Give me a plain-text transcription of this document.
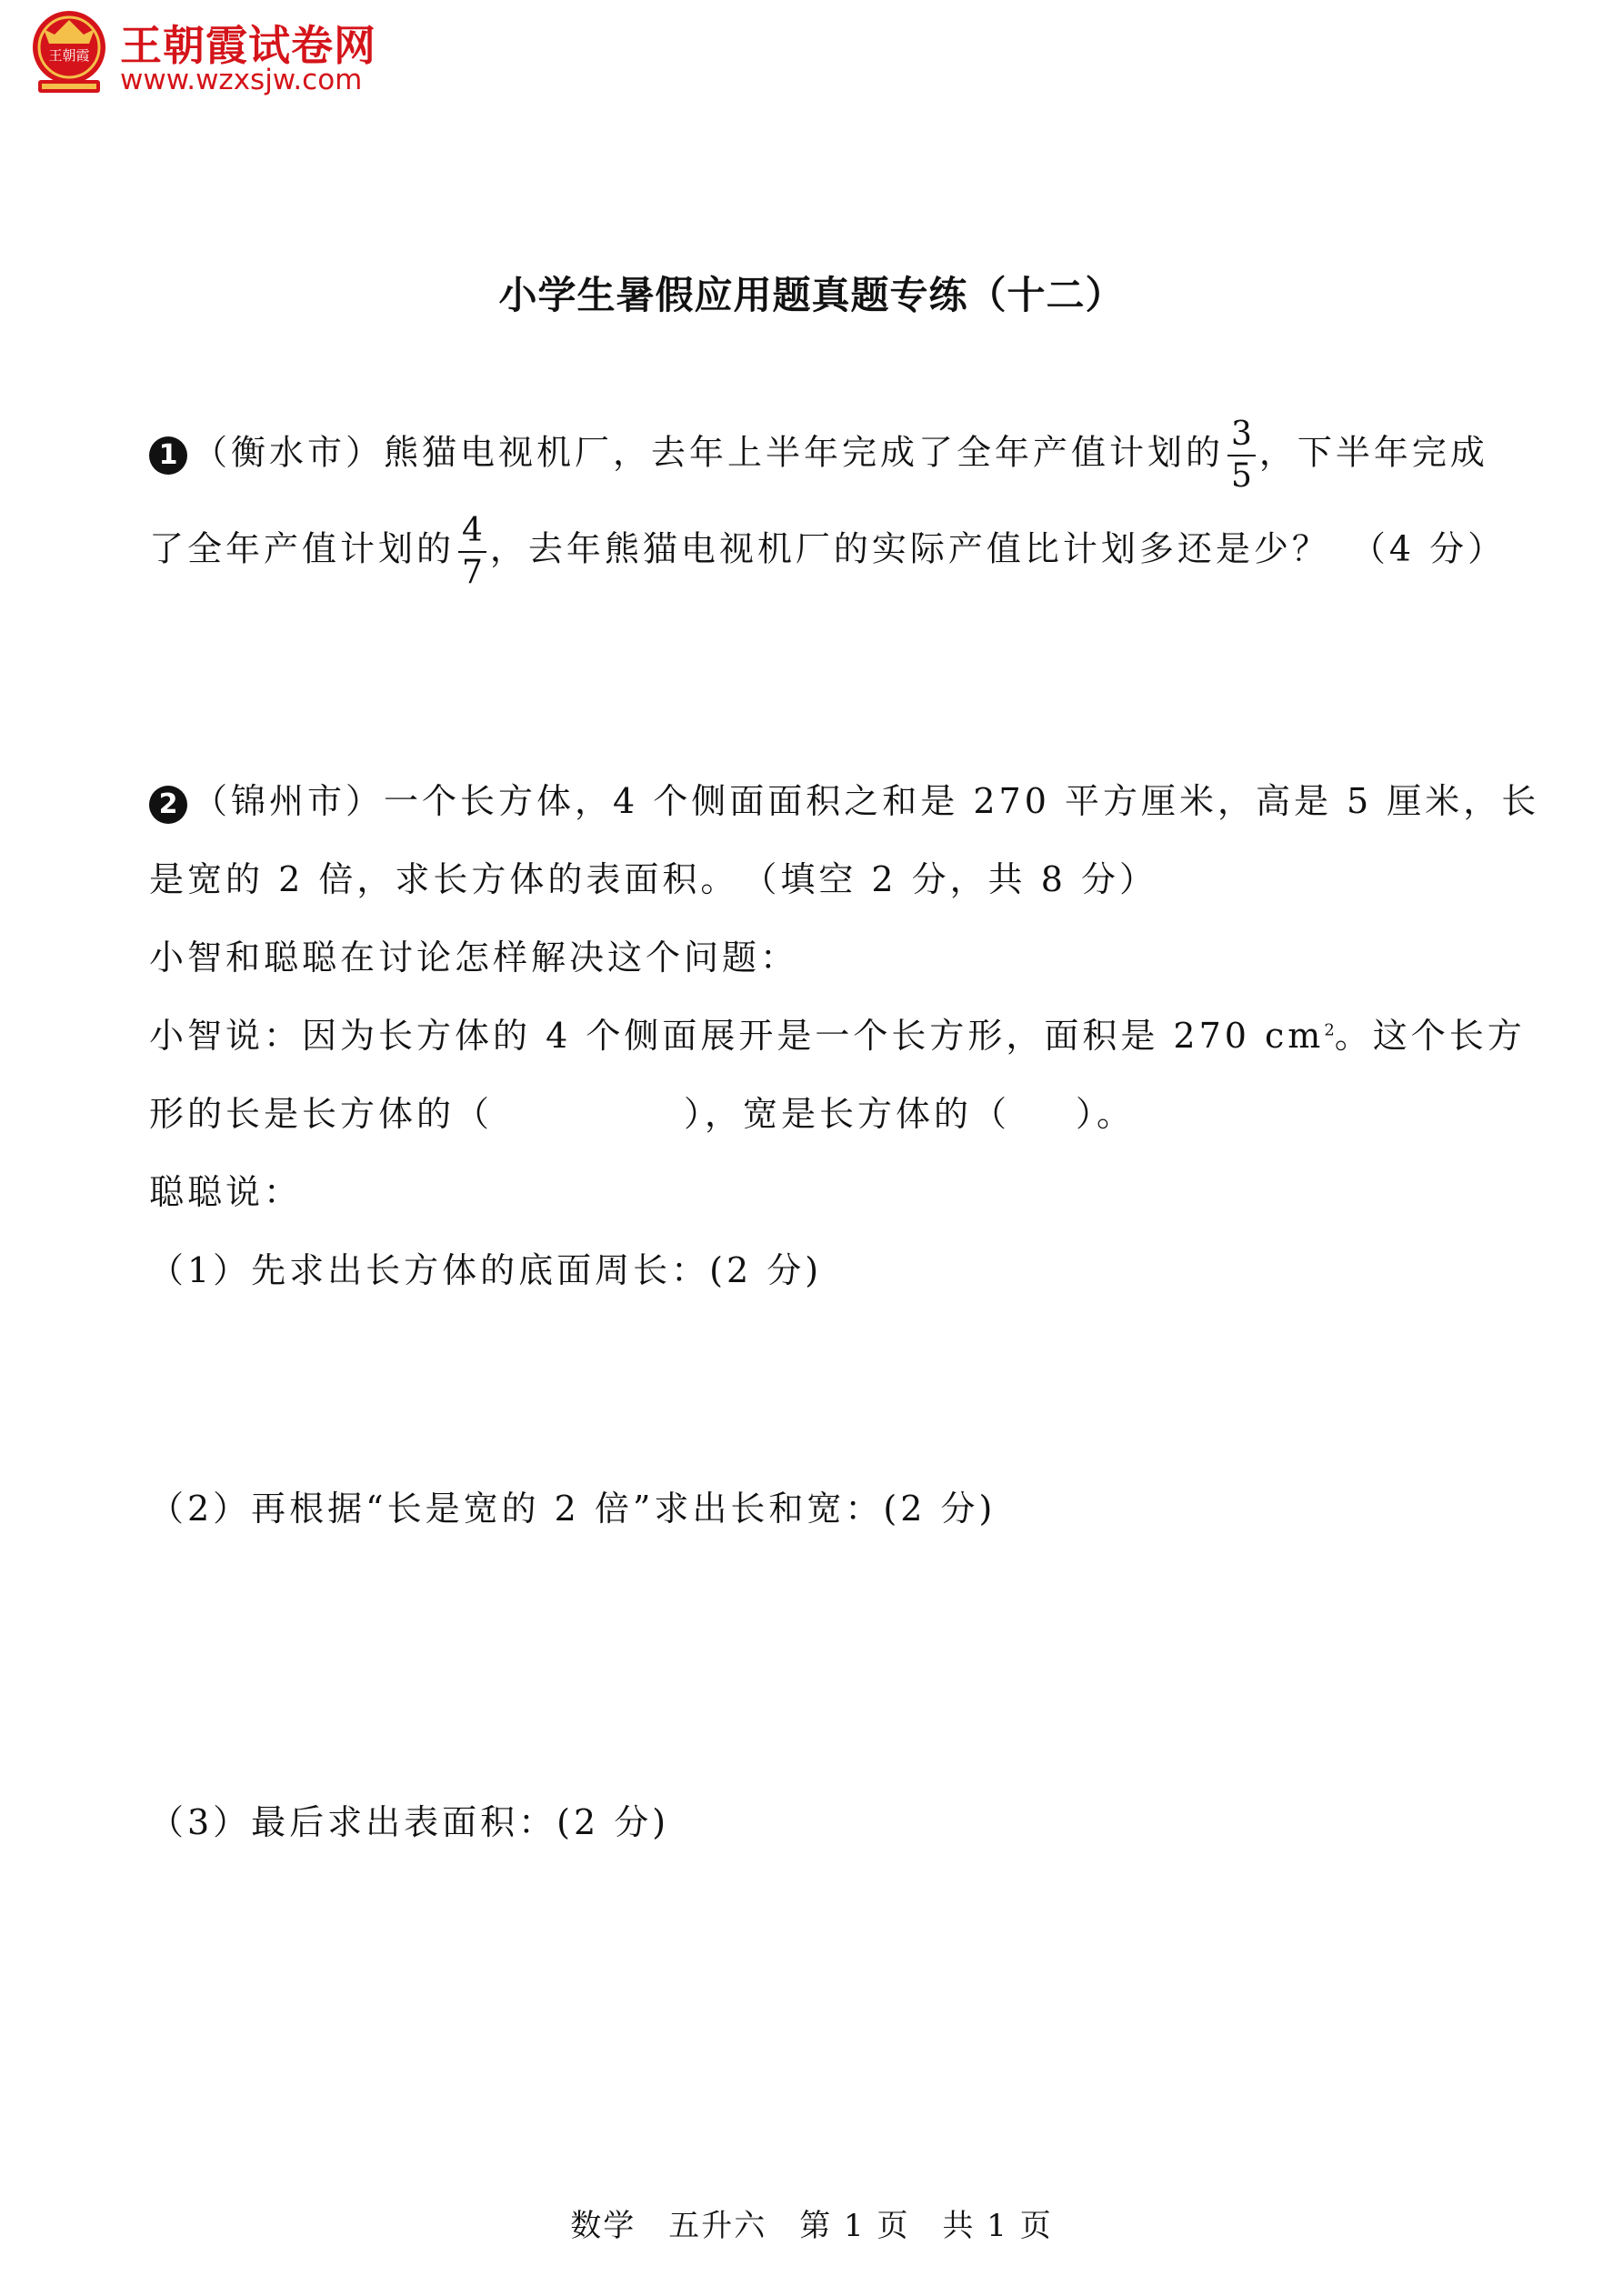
王朝霞 王朝霞试卷网
www.wzxsjw.com
小学生暑假应用题真题专练（十二）
1 （衡水市）熊猫电视机厂，去年上半年完成了全年产值计划的 $\frac{3}{5}$ ，下半年完成
了全年产值计划的 $\frac{4}{7}$ ，去年熊猫电视机厂的实际产值比计划多还是少？　（4 分）
2 （锦州市）一个长方体，4 个侧面面积之和是 270 平方厘米，高是 5 厘米，长
是宽的 2 倍，求长方体的表面积。　（填空 2 分，共 8 分）
小智和聪聪在讨论怎样解决这个问题：
小智说：因为长方体的 4 个侧面展开是一个长方形，面积是 270 $cm^2$。这个长方
形的长是长方体的（	），宽是长方体的（ ）。
聪聪说：
（1）先求出长方体的底面周长：(2 分)
（2）再根据“长是宽的 2 倍”求出长和宽：(2 分)
（3）最后求出表面积：(2 分)
数学　五升六　第 1 页　共 1 页
